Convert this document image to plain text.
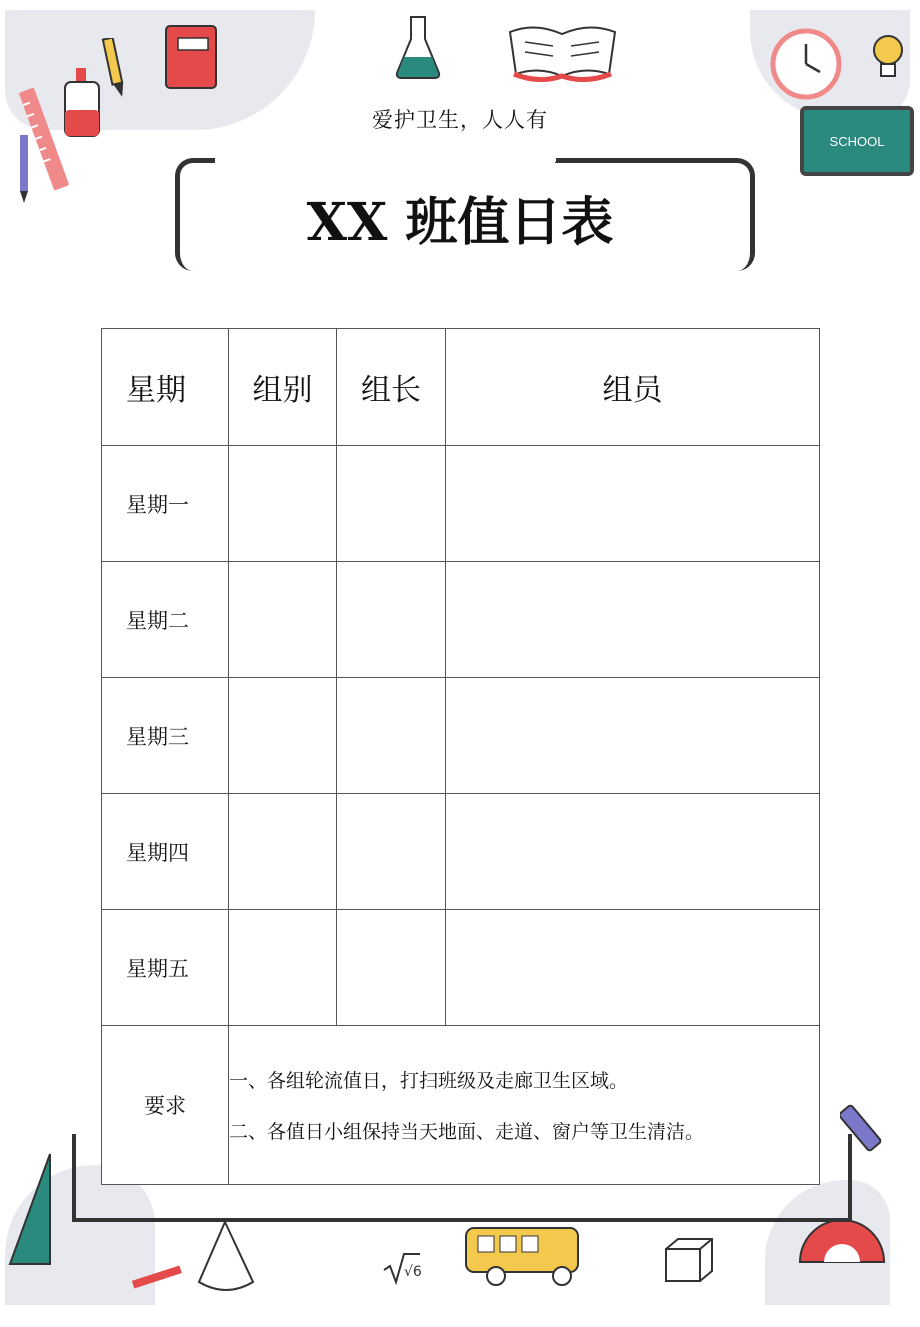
SCHOOL
√6
爱护卫生，人人有
XX 班值日表
星期	组别	组长	组员
星期一			
星期二			
星期三			
星期四			
星期五			
要求	一、各组轮流值日，打扫班级及走廊卫生区域。
二、各值日小组保持当天地面、走道、窗户等卫生清洁。		
